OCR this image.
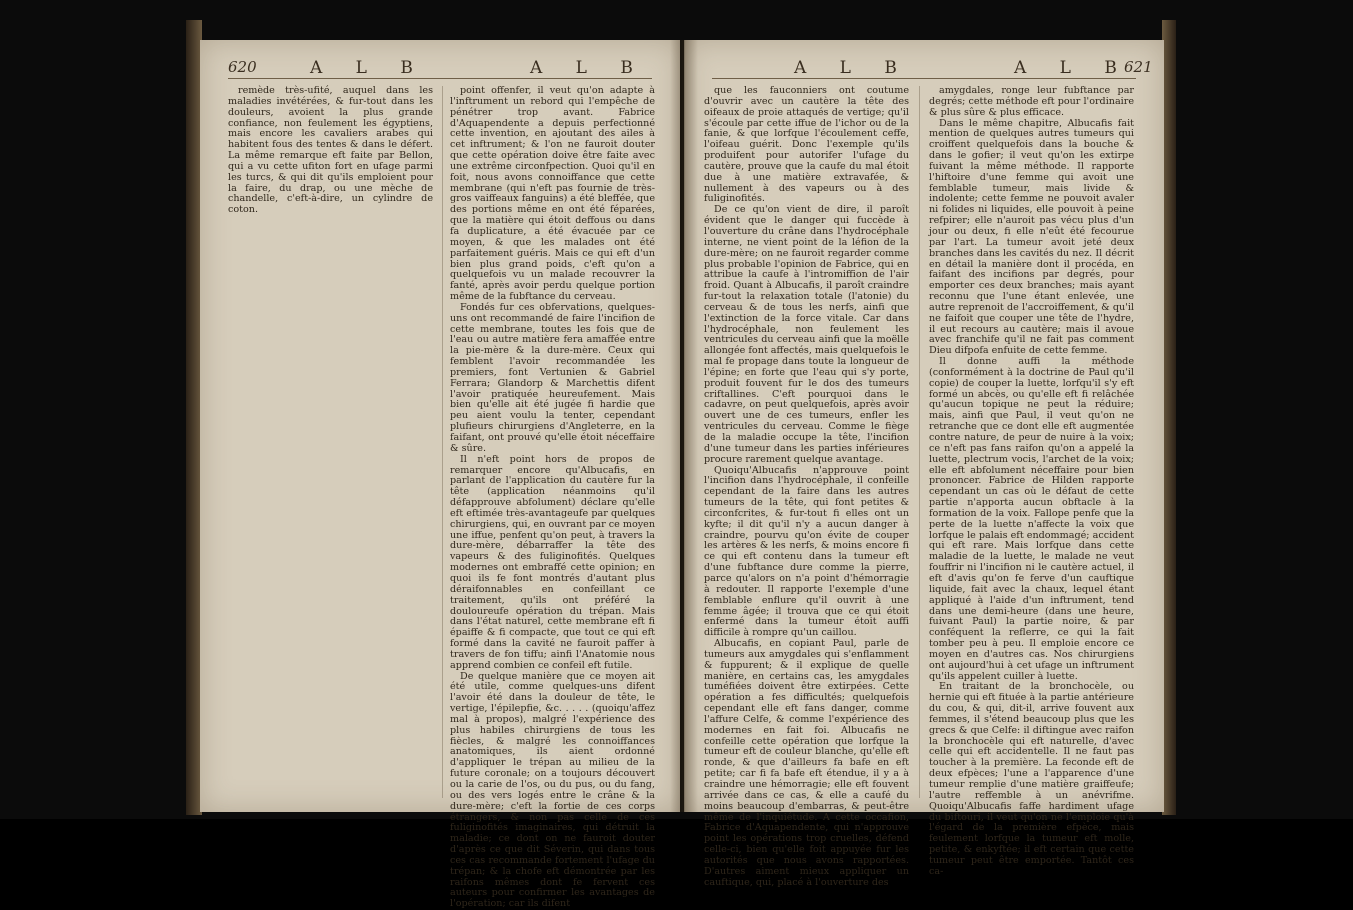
620	A L B	A L B

remède très-ufité, auquel dans les maladies invétérées, & fur-tout dans les douleurs, avoient la plus grande confiance, non feulement les égyptiens, mais encore les cavaliers arabes qui habitent fous des tentes & dans le défert. La même remarque eft faite par Bellon, qui a vu cette ufiton fort en ufage parmi les turcs, & qui dit qu'ils emploient pour la faire, du drap, ou une mèche de chandelle, c'eft-à-dire, un cylindre de coton.

point offenfer, il veut qu'on adapte à l'inftrument un rebord qui l'empêche de pénétrer trop avant. Fabrice d'Aquapendente a depuis perfectionné cette invention, en ajoutant des ailes à cet inftrument; & l'on ne fauroit douter que cette opération doive être faite avec une extrême circonfpection. Quoi qu'il en foit, nous avons connoiffance que cette membrane (qui n'eft pas fournie de très-gros vaiffeaux fanguins) a été bleffée, que des portions même en ont été féparées, que la matière qui étoit deffous ou dans fa duplicature, a été évacuée par ce moyen, & que les malades ont été parfaitement guéris. Mais ce qui eft d'un bien plus grand poids, c'eft qu'on a quelquefois vu un malade recouvrer la fanté, après avoir perdu quelque portion même de la fubftance du cerveau.

Fondés fur ces obfervations, quelques-uns ont recommandé de faire l'incifion de cette membrane, toutes les fois que de l'eau ou autre matière fera amaffée entre la pie-mère & la dure-mère. Ceux qui femblent l'avoir recommandée les premiers, font Vertunien & Gabriel Ferrara; Glandorp & Marchettis difent l'avoir pratiquée heureufement. Mais bien qu'elle ait été jugée fi hardie que peu aient voulu la tenter, cependant plufieurs chirurgiens d'Angleterre, en la faifant, ont prouvé qu'elle étoit néceffaire & sûre.

Il n'eft point hors de propos de remarquer encore qu'Albucafis, en parlant de l'application du cautère fur la tête (application néanmoins qu'il défapprouve abfolument) déclare qu'elle eft eftimée très-avantageufe par quelques chirurgiens, qui, en ouvrant par ce moyen une iffue, penfent qu'on peut, à travers la dure-mère, débarraffer la tête des vapeurs & des fuliginofités. Quelques modernes ont embraffé cette opinion; en quoi ils fe font montrés d'autant plus déraifonnables en confeillant ce traitement, qu'ils ont préféré la douloureufe opération du trépan. Mais dans l'état naturel, cette membrane eft fi épaiffe & fi compacte, que tout ce qui eft formé dans la cavité ne fauroit paffer à travers de fon tiffu; ainfi l'Anatomie nous apprend combien ce confeil eft futile.

De quelque manière que ce moyen ait été utile, comme quelques-uns difent l'avoir été dans la douleur de tête, le vertige, l'épilepfie, &c. . . . . (quoiqu'affez mal à propos), malgré l'expérience des plus habiles chirurgiens de tous les fiècles, & malgré les connoiffances anatomiques, ils aient ordonné d'appliquer le trépan au milieu de la future coronale; on a toujours découvert ou la carie de l'os, ou du pus, ou du fang, ou des vers logés entre le crâne & la dure-mère; c'eft la fortie de ces corps étrangers, & non pas celle de ces fuliginofités imaginaires, qui détruit la maladie; ce dont on ne fauroit douter d'après ce que dit Séverin, qui dans tous ces cas recommande fortement l'ufage du trépan; & la chofe eft démontrée par les raifons mêmes dont fe fervent ces auteurs pour confirmer les avantages de l'opération; car ils difent

A L B	A L B
621

que les fauconniers ont coutume d'ouvrir avec un cautère la tête des oifeaux de proie attaqués de vertige; qu'il s'écoule par cette iffue de l'ichor ou de la fanie, & que lorfque l'écoulement ceffe, l'oifeau guérit. Donc l'exemple qu'ils produifent pour autorifer l'ufage du cautère, prouve que la caufe du mal étoit due à une matière extravafée, & nullement à des vapeurs ou à des fuliginofités.

De ce qu'on vient de dire, il paroît évident que le danger qui fuccède à l'ouverture du crâne dans l'hydrocéphale interne, ne vient point de la léfion de la dure-mère; on ne fauroit regarder comme plus probable l'opinion de Fabrice, qui en attribue la caufe à l'intromiffion de l'air froid. Quant à Albucafis, il paroît craindre fur-tout la relaxation totale (l'atonie) du cerveau & de tous les nerfs, ainfi que l'extinction de la force vitale. Car dans l'hydrocéphale, non feulement les ventricules du cerveau ainfi que la moëlle allongée font affectés, mais quelquefois le mal fe propage dans toute la longueur de l'épine; en forte que l'eau qui s'y porte, produit fouvent fur le dos des tumeurs criftallines. C'eft pourquoi dans le cadavre, on peut quelquefois, après avoir ouvert une de ces tumeurs, enfler les ventricules du cerveau. Comme le fiège de la maladie occupe la tête, l'incifion d'une tumeur dans les parties inférieures procure rarement quelque avantage.

Quoiqu'Albucafis n'approuve point l'incifion dans l'hydrocéphale, il confeille cependant de la faire dans les autres tumeurs de la tête, qui font petites & circonfcrites, & fur-tout fi elles ont un kyfte; il dit qu'il n'y a aucun danger à craindre, pourvu qu'on évite de couper les artères & les nerfs, & moins encore fi ce qui eft contenu dans la tumeur eft d'une fubftance dure comme la pierre, parce qu'alors on n'a point d'hémorragie à redouter. Il rapporte l'exemple d'une femblable enflure qu'il ouvrit à une femme âgée; il trouva que ce qui étoit enfermé dans la tumeur étoit auffi difficile à rompre qu'un caillou.

Albucafis, en copiant Paul, parle de tumeurs aux amygdales qui s'enflamment & fuppurent; & il explique de quelle manière, en certains cas, les amygdales tuméfiées doivent être extirpées. Cette opération a fes difficultés; quelquefois cependant elle eft fans danger, comme l'affure Celfe, & comme l'expérience des modernes en fait foi. Albucafis ne confeille cette opération que lorfque la tumeur eft de couleur blanche, qu'elle eft ronde, & que d'ailleurs fa bafe en eft petite; car fi fa bafe eft étendue, il y a à craindre une hémorragie; elle eft fouvent arrivée dans ce cas, & elle a caufé du moins beaucoup d'embarras, & peut-être même de l'inquiétude. A cette occafion, Fabrice d'Aquapendente, qui n'approuve point les opérations trop cruelles, défend celle-ci, bien qu'elle foit appuyée fur les autorités que nous avons rapportées. D'autres aiment mieux appliquer un cauftique, qui, placé à l'ouverture des

amygdales, ronge leur fubftance par degrés; cette méthode eft pour l'ordinaire & plus sûre & plus efficace.

Dans le même chapitre, Albucafis fait mention de quelques autres tumeurs qui croiffent quelquefois dans la bouche & dans le gofier; il veut qu'on les extirpe fuivant la même méthode. Il rapporte l'hiftoire d'une femme qui avoit une femblable tumeur, mais livide & indolente; cette femme ne pouvoit avaler ni folides ni liquides, elle pouvoit à peine refpirer; elle n'auroit pas vécu plus d'un jour ou deux, fi elle n'eût été fecourue par l'art. La tumeur avoit jeté deux branches dans les cavités du nez. Il décrit en détail la manière dont il procéda, en faifant des incifions par degrés, pour emporter ces deux branches; mais ayant reconnu que l'une étant enlevée, une autre reprenoit de l'accroiffement, & qu'il ne faifoit que couper une tête de l'hydre, il eut recours au cautère; mais il avoue avec franchife qu'il ne fait pas comment Dieu difpofa enfuite de cette femme.

Il donne auffi la méthode (conformément à la doctrine de Paul qu'il copie) de couper la luette, lorfqu'il s'y eft formé un abcès, ou qu'elle eft fi relâchée qu'aucun topique ne peut la réduire; mais, ainfi que Paul, il veut qu'on ne retranche que ce dont elle eft augmentée contre nature, de peur de nuire à la voix; ce n'eft pas fans raifon qu'on a appelé la luette, plectrum vocis, l'archet de la voix; elle eft abfolument néceffaire pour bien prononcer. Fabrice de Hilden rapporte cependant un cas où le défaut de cette partie n'apporta aucun obftacle à la formation de la voix. Fallope penfe que la perte de la luette n'affecte la voix que lorfque le palais eft endommagé; accident qui eft rare. Mais lorfque dans cette maladie de la luette, le malade ne veut fouffrir ni l'incifion ni le cautère actuel, il eft d'avis qu'on fe ferve d'un cauftique liquide, fait avec la chaux, lequel étant appliqué à l'aide d'un inftrument, tend dans une demi-heure (dans une heure, fuivant Paul) la partie noire, & par conféquent la reflerre, ce qui la fait tomber peu à peu. Il emploie encore ce moyen en d'autres cas. Nos chirurgiens ont aujourd'hui à cet ufage un inftrument qu'ils appelent cuiller à luette.

En traitant de la bronchocèle, ou hernie qui eft fituée à la partie antérieure du cou, & qui, dit-il, arrive fouvent aux femmes, il s'étend beaucoup plus que les grecs & que Celfe: il diftingue avec raifon la bronchocèle qui eft naturelle, d'avec celle qui eft accidentelle. Il ne faut pas toucher à la première. La feconde eft de deux efpèces; l'une a l'apparence d'une tumeur remplie d'une matière graiffeufe; l'autre reffemble à un anévrifme. Quoiqu'Albucafis faffe hardiment ufage du biftouri, il veut qu'on ne l'emploie qu'à l'égard de la première efpèce, mais feulement lorfque la tumeur eft molle, petite, & enkyftée; il eft certain que cette tumeur peut être emportée. Tantôt ces ca-
